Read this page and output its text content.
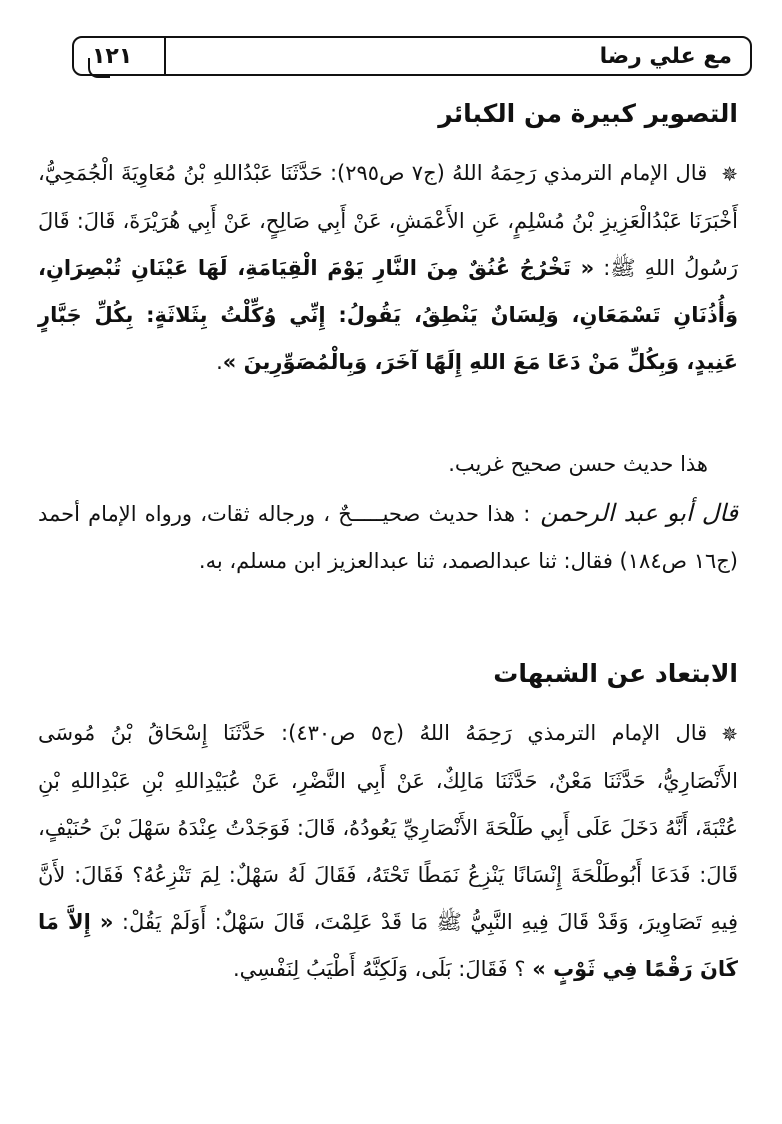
مع علي رضا
١٢١
التصوير كبيرة من الكبائر
✵قال الإمام الترمذي رَحِمَهُ اللهُ (ج٧ ص٢٩٥): حَدَّثَنَا عَبْدُاللهِ بْنُ مُعَاوِيَةَ الْجُمَحِيُّ، أَخْبَرَنَا عَبْدُالْعَزِيزِ بْنُ مُسْلِمٍ، عَنِ الأَعْمَشِ، عَنْ أَبِي صَالِحٍ، عَنْ أَبِي هُرَيْرَةَ، قَالَ: قَالَ رَسُولُ اللهِ ﷺ: « تَخْرُجُ عُنُقٌ مِنَ النَّارِ يَوْمَ الْقِيَامَةِ، لَهَا عَيْنَانِ تُبْصِرَانِ، وَأُذُنَانِ تَسْمَعَانِ، وَلِسَانٌ يَنْطِقُ، يَقُولُ: إِنِّي وُكِّلْتُ بِثَلاثَةٍ: بِكُلِّ جَبَّارٍ عَنِيدٍ، وَبِكُلِّ مَنْ دَعَا مَعَ اللهِ إِلَهًا آخَرَ، وَبِالْمُصَوِّرِينَ ».
هذا حديث حسن صحيح غريب.
قال أبو عبد الرحمن: هذا حديث صحيـــــحٌ ، ورجاله ثقات، ورواه الإمام أحمد (ج١٦ ص١٨٤) فقال: ثنا عبدالصمد، ثنا عبدالعزيز ابن مسلم، به.
الابتعاد عن الشبهات
✵قال الإمام الترمذي رَحِمَهُ اللهُ (ج٥ ص٤٣٠): حَدَّثَنَا إِسْحَاقُ بْنُ مُوسَى الأَنْصَارِيُّ، حَدَّثَنَا مَعْنٌ، حَدَّثَنَا مَالِكٌ، عَنْ أَبِي النَّضْرِ، عَنْ عُبَيْدِاللهِ بْنِ عَبْدِاللهِ بْنِ عُتْبَةَ، أَنَّهُ دَخَلَ عَلَى أَبِي طَلْحَةَ الأَنْصَارِيِّ يَعُودُهُ، قَالَ: فَوَجَدْتُ عِنْدَهُ سَهْلَ بْنَ حُنَيْفٍ، قَالَ: فَدَعَا أَبُوطَلْحَةَ إِنْسَانًا يَنْزِعُ نَمَطًا تَحْتَهُ، فَقَالَ لَهُ سَهْلٌ: لِمَ تَنْزِعُهُ؟ فَقَالَ: لأَنَّ فِيهِ تَصَاوِيرَ، وَقَدْ قَالَ فِيهِ النَّبِيُّ ﷺ مَا قَدْ عَلِمْتَ، قَالَ سَهْلٌ: أَوَلَمْ يَقُلْ: « إِلاَّ مَا كَانَ رَقْمًا فِي ثَوْبٍ » ؟ فَقَالَ: بَلَى، وَلَكِنَّهُ أَطْيَبُ لِنَفْسِي.
